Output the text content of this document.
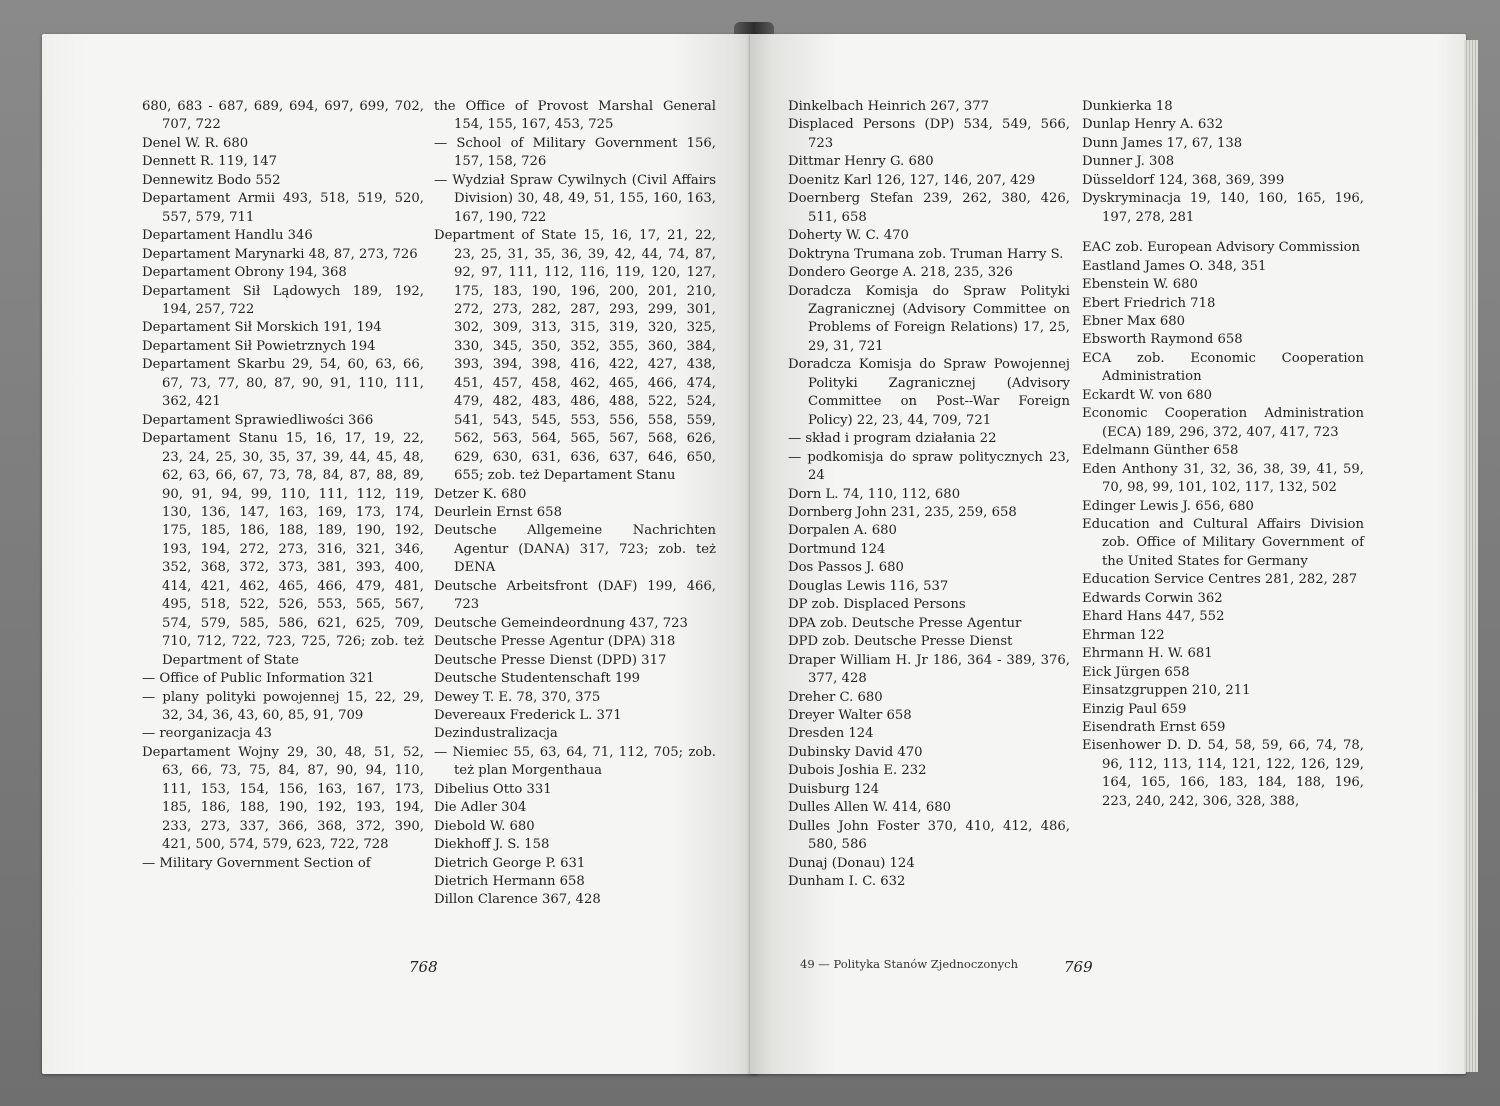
680, 683 - 687, 689, 694, 697, 699, 702, 707, 722

Denel W. R. 680

Dennett R. 119, 147

Dennewitz Bodo 552

Departament Armii 493, 518, 519, 520, 557, 579, 711

Departament Handlu 346

Departament Marynarki 48, 87, 273, 726

Departament Obrony 194, 368

Departament Sił Lądowych 189, 192, 194, 257, 722

Departament Sił Morskich 191, 194

Departament Sił Powietrznych 194

Departament Skarbu 29, 54, 60, 63, 66, 67, 73, 77, 80, 87, 90, 91, 110, 111, 362, 421

Departament Sprawiedliwości 366

Departament Stanu 15, 16, 17, 19, 22, 23, 24, 25, 30, 35, 37, 39, 44, 45, 48, 62, 63, 66, 67, 73, 78, 84, 87, 88, 89, 90, 91, 94, 99, 110, 111, 112, 119, 130, 136, 147, 163, 169, 173, 174, 175, 185, 186, 188, 189, 190, 192, 193, 194, 272, 273, 316, 321, 346, 352, 368, 372, 373, 381, 393, 400, 414, 421, 462, 465, 466, 479, 481, 495, 518, 522, 526, 553, 565, 567, 574, 579, 585, 586, 621, 625, 709, 710, 712, 722, 723, 725, 726; zob. też Department of State

— Office of Public Information 321

— plany polityki powojennej 15, 22, 29, 32, 34, 36, 43, 60, 85, 91, 709

— reorganizacja 43

Departament Wojny 29, 30, 48, 51, 52, 63, 66, 73, 75, 84, 87, 90, 94, 110, 111, 153, 154, 156, 163, 167, 173, 185, 186, 188, 190, 192, 193, 194, 233, 273, 337, 366, 368, 372, 390, 421, 500, 574, 579, 623, 722, 728

— Military Government Section of

the Office of Provost Marshal General 154, 155, 167, 453, 725

— School of Military Government 156, 157, 158, 726

— Wydział Spraw Cywilnych (Civil Affairs Division) 30, 48, 49, 51, 155, 160, 163, 167, 190, 722

Department of State 15, 16, 17, 21, 22, 23, 25, 31, 35, 36, 39, 42, 44, 74, 87, 92, 97, 111, 112, 116, 119, 120, 127, 175, 183, 190, 196, 200, 201, 210, 272, 273, 282, 287, 293, 299, 301, 302, 309, 313, 315, 319, 320, 325, 330, 345, 350, 352, 355, 360, 384, 393, 394, 398, 416, 422, 427, 438, 451, 457, 458, 462, 465, 466, 474, 479, 482, 483, 486, 488, 522, 524, 541, 543, 545, 553, 556, 558, 559, 562, 563, 564, 565, 567, 568, 626, 629, 630, 631, 636, 637, 646, 650, 655; zob. też Departament Stanu

Detzer K. 680

Deurlein Ernst 658

Deutsche Allgemeine Nachrichten Agentur (DANA) 317, 723; zob. też DENA

Deutsche Arbeitsfront (DAF) 199, 466, 723

Deutsche Gemeindeordnung 437, 723

Deutsche Presse Agentur (DPA) 318

Deutsche Presse Dienst (DPD) 317

Deutsche Studentenschaft 199

Dewey T. E. 78, 370, 375

Devereaux Frederick L. 371

Dezindustralizacja

— Niemiec 55, 63, 64, 71, 112, 705; zob. też plan Morgenthaua

Dibelius Otto 331

Die Adler 304

Diebold W. 680

Diekhoff J. S. 158

Dietrich George P. 631

Dietrich Hermann 658

Dillon Clarence 367, 428

Dinkelbach Heinrich 267, 377

Displaced Persons (DP) 534, 549, 566, 723

Dittmar Henry G. 680

Doenitz Karl 126, 127, 146, 207, 429

Doernberg Stefan 239, 262, 380, 426, 511, 658

Doherty W. C. 470

Doktryna Trumana zob. Truman Harry S.

Dondero George A. 218, 235, 326

Doradcza Komisja do Spraw Polityki Zagranicznej (Advisory Committee on Problems of Foreign Relations) 17, 25, 29, 31, 721

Doradcza Komisja do Spraw Powojennej Polityki Zagranicznej (Advisory Committee on Post--War Foreign Policy) 22, 23, 44, 709, 721

— skład i program działania 22

— podkomisja do spraw politycznych 23, 24

Dorn L. 74, 110, 112, 680

Dornberg John 231, 235, 259, 658

Dorpalen A. 680

Dortmund 124

Dos Passos J. 680

Douglas Lewis 116, 537

DP zob. Displaced Persons

DPA zob. Deutsche Presse Agentur

DPD zob. Deutsche Presse Dienst

Draper William H. Jr 186, 364 - 389, 376, 377, 428

Dreher C. 680

Dreyer Walter 658

Dresden 124

Dubinsky David 470

Dubois Joshia E. 232

Duisburg 124

Dulles Allen W. 414, 680

Dulles John Foster 370, 410, 412, 486, 580, 586

Dunaj (Donau) 124

Dunham I. C. 632

Dunkierka 18

Dunlap Henry A. 632

Dunn James 17, 67, 138

Dunner J. 308

Düsseldorf 124, 368, 369, 399

Dyskryminacja 19, 140, 160, 165, 196, 197, 278, 281

EAC zob. European Advisory Commission

Eastland James O. 348, 351

Ebenstein W. 680

Ebert Friedrich 718

Ebner Max 680

Ebsworth Raymond 658

ECA zob. Economic Cooperation Administration

Eckardt W. von 680

Economic Cooperation Administration (ECA) 189, 296, 372, 407, 417, 723

Edelmann Günther 658

Eden Anthony 31, 32, 36, 38, 39, 41, 59, 70, 98, 99, 101, 102, 117, 132, 502

Edinger Lewis J. 656, 680

Education and Cultural Affairs Division zob. Office of Military Government of the United States for Germany

Education Service Centres 281, 282, 287

Edwards Corwin 362

Ehard Hans 447, 552

Ehrman 122

Ehrmann H. W. 681

Eick Jürgen 658

Einsatzgruppen 210, 211

Einzig Paul 659

Eisendrath Ernst 659

Eisenhower D. D. 54, 58, 59, 66, 74, 78, 96, 112, 113, 114, 121, 122, 126, 129, 164, 165, 166, 183, 184, 188, 196, 223, 240, 242, 306, 328, 388,

768	49 — Polityka Stanów Zjednoczonych	769
